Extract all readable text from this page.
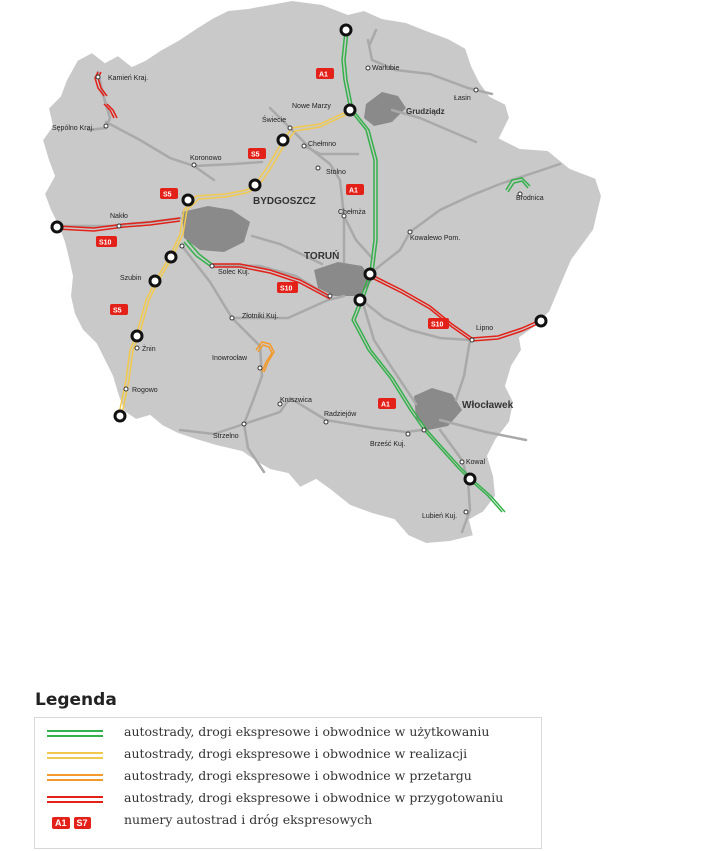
Kamień Kraj.
Sępólno Kraj.
Koronowo
Nakło
BYDGOSZCZ
Szubin
Żnin
Rogowo
Solec Kuj.
Złotniki Kuj.
Inowrocław
Strzelno
Kruszwica
Radziejów
Brześć Kuj.
Włocławek
Kowal
Lubień Kuj.
Lipno
TORUŃ
Chełmża
Stolno
Chełmno
Świecie
Nowe Marzy
Warlubie
Grudziądz
Łasin
Brodnica
Kowalewo Pom.
A1
A1
A1
S5
S5
S5
S10
S10
S10
Legenda
autostrady, drogi ekspresowe i obwodnice w użytkowaniu
autostrady, drogi ekspresowe i obwodnice w realizacji
autostrady, drogi ekspresowe i obwodnice w przetargu
autostrady, drogi ekspresowe i obwodnice w przygotowaniu
A1 S7	numery autostrad i dróg ekspresowych
